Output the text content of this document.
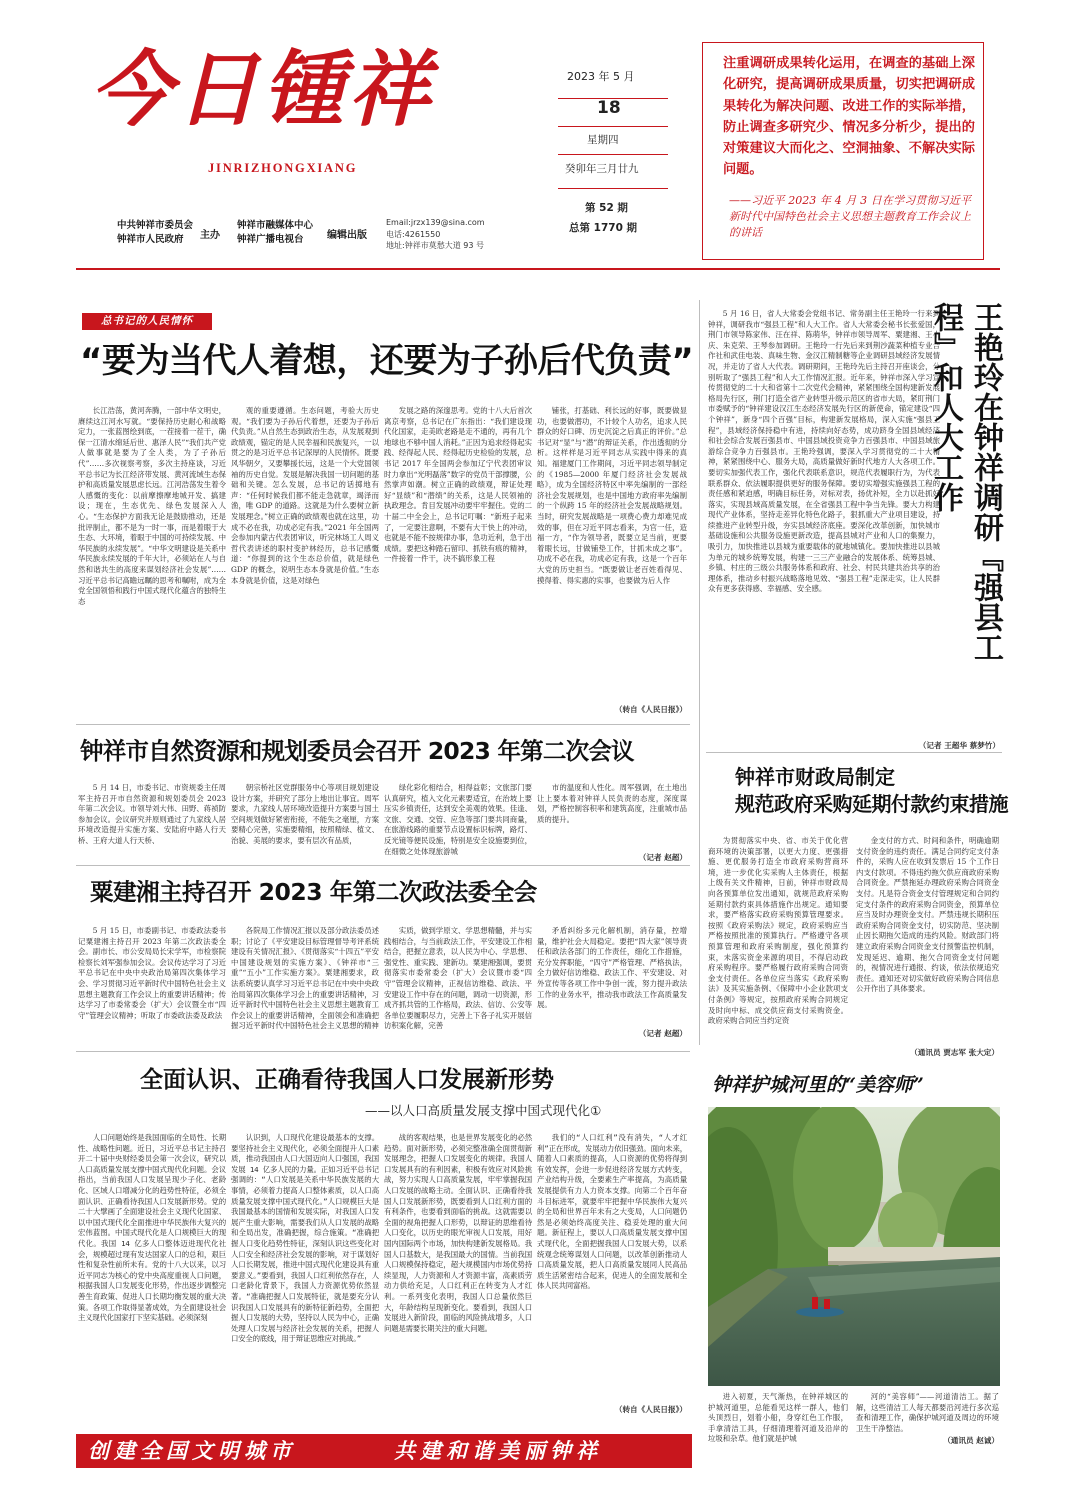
今日锺祥
JINRIZHONGXIANG
中共钟祥市委员会
钟祥市人民政府	主办
钟祥市融媒体中心
钟祥广播电视台	编辑出版
Email:jrzx139@sina.com
电话:4261550
地址:钟祥市莫愁大道 93 号
2023 年 5 月
18
星期四
癸卯年三月廿九
第 52 期
总第 1770 期
注重调研成果转化运用，在调查的基础上深化研究，提高调研成果质量，切实把调研成果转化为解决问题、改进工作的实际举措，防止调查多研究少、情况多分析少，提出的对策建议大而化之、空洞抽象、不解决实际问题。
——习近平 2023 年 4 月 3 日在学习贯彻习近平新时代中国特色社会主义思想主题教育工作会议上的讲话
总书记的人民情怀
“要为当代人着想，还要为子孙后代负责”

长江浩荡，黄河奔腾，一部中华文明史，赓续这江河水写就。“要保持历史耐心和战略定力，一张蓝图绘到底，一茬接着一茬干，确保一江清水绵延后世、惠泽人民”“我们共产党人做事就是要为了全人类，为了子孙后代”……多次视察考察，多次主持座谈，习近平总书记为长江经济带发展、黄河流域生态保护和高质量发展思虑长远。江河浩荡发生着令人感慨的变化：以前摩擦摩地城开发、搞建设；现在，生态优先、绿色发展深入人心。“生态保护方面我无论是鼓励推动，还是批评制止，都不是为一时一事，而是着眼于大生态、大环境，着眼于中国的可持续发展、中华民族的永续发展”。“中华文明建设是关系中华民族永续发展的千年大计，必须站在人与自然和谐共生的高度来谋划经济社会发展”……习近平总书记高瞻远瞩的思考和嘱咐，成为全党全国领悟和践行中国式现代化蕴含的独特生态

观的重要遵循。生态问题，考验大历史观。“我们要为子孙后代着想，还要为子孙后代负责。”从自然生态到政治生态，从发展观到政绩观，锚定的是人民幸福和民族复兴，一以贯之的是习近平总书记深厚的人民情怀。既要风华朝夕，又要攀援长远，这是一个大党国领袖的历史自觉。发展是解决我国一切问题的基础和关键。怎么发展，总书记的话掷地有声：“任何时候我们都不能走急就章，竭泽而渔，唯 GDP 的道路。这就是为什么要树立新发展理念。”树立正确的政绩观也就在这里，功成不必在我，功成必定有我。”2021 年全国两会参加内蒙古代表团审议，听完林场工人周义哲代表讲述的职村变护林经历，总书记感慨道：“你提到的这个生态总价值，就是绿色 GDP 的概念，说明生态本身就是价值。”生态本身就是价值，这是对绿色

发展之路的深邃思考。党的十八大后首次离京考察，总书记在广东指出：“我们建设现代化国家，走美欧老路是走不通的，再有几个地球也不够中国人消耗。”正因为追求经得起实践、经得起人民、经得起历史检验的发展，总书记 2017 年全国两会参加辽宁代表团审议时力拿出“光明磊落”数字的党员干部撑腰，公然掌声如潮。树立正确的政绩观，辩证处理好“显绩”和“潜绩”的关系，这是人民领袖的执政理念。肯目发展冲动要牢牢握住。党的二十届二中全会上，总书记叮嘱：“新班子起来了，一定要注意啊，不要有大干快上的冲动，也就是不能不按规律办事，急功近利，急于出成绩。要把这种踏石留印、抓铁有痕的精神，一件接着一件干，决不搞形象工程

铺张，打基础、利长远的好事，既要做显功，也要做潜功，不计较个人功名，追求人民群众的好口碑、历史沉淀之后真正的评价。”总书记对“显”与“潜”的辩证关系，作出透彻的分析。这样样是习近平同志从实践中得来的真知。福建厦门工作期间，习近平同志领导制定的《1985—2000 年厦门经济社会发展战略》，成为全国经济特区中率先编制的一部经济社会发展规划，也是中国地方政府率先编制的一个纵跨 15 年的经济社会发展战略规划。当时，研究发展战略是一项费心费力却难见成效的事，但在习近平同志看来，为官一任，造福一方，“作为领导者，既要立足当前，更要着眼长远，甘做铺垫工作，甘抓未成之事”。功成不必在我，功成必定有我，这是一个百年大党的历史担当。“既要做让老百姓看得见、摸得着、得实惠的实事，也要做为后人作

（转自《人民日报》）

5 月 16 日，省人大常委会党组书记、常务副主任王艳玲一行来到钟祥，调研我市“强县工程”和人大工作。省人大常委会秘书长张爱国，荆门市领导陈家伟、汪在祥、陈萌华，钟祥市领导周军、粟建湘、王小庆、朱克荣、王琴参加调研。王艳玲一行先后来到荆沙蔬菜种植专业合作社和武佳电装、真味生物、金汉江精制糖等企业调研县域经济发展情况，并走访了省人大代表。调研期间，王艳玲先后主持召开座谈会，分别听取了“强县工程”和人大工作情况汇报。近年来，钟祥市深入学习宣传贯彻党的二十大和省第十二次党代会精神，紧紧围绕全国构建新发展格局先行区，荆门打造全省产业转型升级示范区的省市大局，紧盯荆门市委赋予的“钟祥建设汉江生态经济发展先行区的新使命，锚定建设“四个钟祥”，新身“四个百强”目标，构建新发展格局，深入实施“强县工程”，县域经济保持稳中有进，持续向好态势，成功跻身全国县域经济和社会综合发展百强县市、中国县域投资竞争力百强县市、中国县域旅游综合竞争力百强县市。王艳玲强调，要深入学习贯彻党的二十大精神，紧紧围绕中心、服务大局，高质量做好新时代地方人大各项工作。要切实加强代表工作，强化代表联系意识，规范代表履职行为，为代表联系群众、依法履职提供更好的服务保障。要切实增强实施强县工程的责任感和紧迫感，明确目标任务，对标对表，扬优补短，全力以赴抓好落实，实现县域高质量发展，在全省强县工程中争当先锋。要大力构建现代产业体系，坚持走差异化特色化路子，狠抓重大产业项目建设，持续推进产业转型升级，夯实县域经济底座。要深化改革创新，加快城市基础设施和公共服务设施更新改造，提高县城对产业和人口的集聚力，吸引力，加快推进以县城为重要载体的就地城镇化。要加快推进以县城为单元的城乡统筹发展，构建一三三产业融合的发展体系、统筹县城、乡镇、村庄的三级公共服务体系和政府、社会、村民共建共治共享的治理体系，推动乡村振兴战略落地见效、“强县工程”走深走实，让人民群众有更多获得感、幸福感、安全感。	王艳玲在钟祥调研『强县工程』和人大工作
（记者 王超华 蔡梦竹）
钟祥市自然资源和规划委员会召开 2023 年第二次会议

5 月 14 日，市委书记、市资规委主任周军主持召开市自然资源和规划委员会 2023 年第二次会议。市领导刘大伟、田野、蒋祯防参加会议。会议研究并原则通过了九家线人居环境改造提升实施方案、安陆府中路人行天桥、王府大道人行天桥、

朝宗桥社区党群服务中心等项目规划建设设计方案，并研究了部分上地出让事宜。周军要求，九家线人居环境改造提升方案要与国土空间规划做好紧密衔接，不能失之毫厘，方案要精心完善，实施要精细，按照精绿、植文、治貌、美展的要求，要有层次有品质，

绿化彩化相结合，相得益彰；文旅部门要认真研究，植入文化元素要适宜，在治坡上要压实乡镇责任，达到安全美观的效果。佳逢、文旅、交通、交管、应急等部门要共同商量，在旅游线路的重要节点设置标识标牌，路灯、反光镜等便民设施，特别是安全设施要到位，在细微之处体现旅游城

市的温度和人性化。周军强调，在土地出让上要本着对钟祥人民负责的态度，深度谋划，严格控制容积率和建筑高度，注重城市品质的提升。

（记者 赵超）
粟建湘主持召开 2023 年第二次政法委全会

5 月 15 日，市委副书记、市委政法委书记粟建湘主持召开 2023 年第二次政法委全会。副市长、市公安局局长宋学军，市检察院检察长刘军强参加会议。会议传达学习了习近平总书记在中央中央政治局第四次集体学习会、学习贯彻习近平新时代中国特色社会主义思想主题教育工作会议上的重要讲话精神；传达学习了市委常委会（扩大）会议暨全市“四守”管理会议精神；听取了市委政法委及政法

各院局工作情况汇报以及部分政法委员述职；讨论了《平安建设目标管理督导考评系统建设有关情况汇报》、《贯彻落实“十四五”平安中国建设规划的实施方案》、《钟祥市“三重”“五小”工作实施方案》。粟建湘要求，政法系统要认真学习习近平总书记在中央中央政治局第四次集体学习会上的重要讲话精神，习近平新时代中国特色社会主义思想主题教育工作会议上的重要讲话精神，全面领会和准确把握习近平新时代中国特色社会主义思想的精神

实质，做到学原文、学思想精髓，并与实践相结合，与当前政法工作，平安建设工作相结合，把握立意表，以人民为中心、学思想、强党性、重实践、建新功。粟建湘强调，要贯彻落实市委常委会（扩大）会议暨市委“四守”管理会议精神，正视信访维稳、政法、平安建设工作中存在的问题，调动一切资源，形成齐抓共管的工作格局，政法、信访、公安等各单位要履职尽力，完善上下各子礼实开展信访积案化解，完善

矛盾纠纷多元化解机制，消存量，控增量，维护社会大局稳定。要把“四大家”领导责任和政法各部门的工作责任，细化工作措施，充分发挥职能，“四守”严格管理、严格执法，全力做好信访维稳、政法工作、平安建设、对外宣传等各项工作中争创一流，努力提升政法工作的业务水平，推动我市政法工作高质量发展。

（记者 赵超）
钟祥市财政局制定
规范政府采购延期付款约束措施

为贯彻落实中央、省、市关于优化营商环境的决策部署，以更大力度、更强措施、更优服务打造全市政府采购营商环境，进一步优化实采购人主体责任，根据上级有关文件精神，日前，钟祥市财政局向各预算单位发出通知，就规范政府采购延期付款约束具体措施作出规定。通知要求，要严格落实政府采购预算管理要求。按照《政府采购法》规定，政府采购应当严格按照批准的预算执行。严格遵守各项预算管理和政府采购制度，强化预算约束，未落实资金来源的项目，不得启动政府采购程序。要严格履行政府采购合同资金支付责任。各单位应当落实《政府采购法》及其实施条例、《保障中小企业款项支付条例》等规定，按照政府采购合同规定及时向中标、成交供应商支付采购资金。政府采购合同应当约定资

金支付的方式、时间和条件，明确逾期支付资金的违约责任。满足合同约定支付条件的，采购人应在收到发票后 15 个工作日内支付款项。不得违约拖欠供应商政府采购合同资金。严禁拖延办理政府采购合同资金支付。凡是符合资金支付管理规定和合同约定支付条件的政府采购合同资金，预算单位应当及时办理资金支付。严禁违规长期积压政府采购合同资金支付，切实防范、坚决制止因长期拖欠造成的违约风险。财政部门将建立政府采购合同资金支付预警监控机制，发现延迟、逾期、拖欠合同资金支付问题的，视情况进行通报、约谈，依法依规追究责任。通知还对切实做好政府采购合同信息公开作出了具体要求。

（通讯员 贾志军 张大定）
全面认识、正确看待我国人口发展新形势
——以人口高质量发展支撑中国式现代化①

人口问题始终是我国面临的全局性、长期性、战略性问题。近日，习近平总书记主持召开二十届中央财经委员会第一次会议，研究以人口高质量发展支撑中国式现代化问题。会议指出，当前我国人口发展呈现少子化、老龄化、区域人口增减分化的趋势性特征，必须全面认识、正确看待我国人口发展新形势。党的二十大擘画了全面建设社会主义现代化国家、以中国式现代化全面推进中华民族伟大复兴的宏伟蓝图。中国式现代化是人口规模巨大的现代化。我国 14 亿多人口整体迈进现代化社会，规模超过现有发达国家人口的总和，艰巨性和复杂性前所未有。党的十八大以来，以习近平同志为核心的党中央高度重视人口问题，根据我国人口发展变化形势，作出逐步调整完善生育政策、促进人口长期均衡发展的重大决策。各项工作取得显著成效，为全面建设社会主义现代化国家打下坚实基础。必须深刻

认识到，人口现代化建设最基本的支撑。要坚持社会主义现代化，必须全面提升人口素质，推动我国由人口大国迈向人口强国，我国发展 14 亿多人民的力量。正如习近平总书记强调的：“人口发展是关系中华民族发展的大事情，必须着力提高人口整体素质，以人口高质量发展支撑中国式现代化。”人口规模巨大是我国最基本的国情和发展实际，对我国人口发展产生重大影响，需要我们从人口发展的战略和全局出发，准确把握，综合施策。“准确把握人口变化趋势性特征，深刻认识这些变化对人口安全和经济社会发展的影响，对于谋划好人口长期发展，推进中国式现代化建设具有重要意义。”要看到，我国人口红利依然存在，人口老龄化背景下，我国人力资源优势依然显著。“准确把握人口发展特征，就是要充分认识我国人口发展具有的新特征新趋势，全面把握人口发展的大势，坚持以人民为中心，正确处理人口发展与经济社会发展的关系，把握人口安全的底线，用于辩证思维应对挑战。”

战的客观结果，也是世界发展变化的必然趋势。面对新形势，必须完整准确全面贯彻新发展理念，把握人口发展变化的规律。我国人口发展具有的有利因素，积极有效应对风险挑战，努力实现人口高质量发展，牢牢掌握我国人口发展的战略主动。全面认识、正确看待我国人口发展新形势，既要看到人口红利方面的有利条件，也要看到面临的挑战。这就需要以全面的视角把握人口形势，以辩证的思维看待人口变化，以历史的眼光审视人口发展，用好国内国际两个市场，加快构建新发展格局。我国人口基数大，是我国最大的国情。当前我国人口规模保持稳定，超大规模国内市场优势持续显现，人力资源和人才资源丰富，高素质劳动力供给充足，人口红利正在转变为人才红利。一系列变化表明，我国人口总量依然巨大，年龄结构呈现新变化。要看到，我国人口发展进入新阶段，面临的风险挑战增多，人口问题是需要长期关注的重大问题。

我们的“人口红利”没有消失，“人才红利”正在形成，发展动力依旧强劲。面向未来，随着人口素质的提高，人口资源的优势将得到有效发挥，会进一步促进经济发展方式转变，产业结构升级，全要素生产率提高，为高质量发展提供有力人力资本支撑。向第二个百年奋斗目标进军，就要牢牢把握中华民族伟大复兴的全局和世界百年未有之大变局，人口问题仍然是必须始终高度关注、稳妥处理的重大问题。新征程上，要以人口高质量发展支撑中国式现代化，全面把握我国人口发展大势，以系统观念统筹谋划人口问题，以改革创新推动人口高质量发展，把人口高质量发展同人民高品质生活紧密结合起来，促进人的全面发展和全体人民共同富裕。

（转自《人民日报》）
钟祥护城河里的“美容师”

进入初夏，天气渐热，在钟祥城区的护城河道里，总能看见这样一群人，他们头顶烈日，划着小船，身穿红色工作服，手拿清洁工具，仔细清理着河道及沿岸的垃圾和杂草。他们就是护城

河的“美容师”——河道清洁工。据了解，这些清洁工人每天都要沿河进行多次巡查和清理工作，确保护城河道及周边的环境卫生干净整洁。

（通讯员 赵诚）
创建全国文明城市	共建和谐美丽钟祥
